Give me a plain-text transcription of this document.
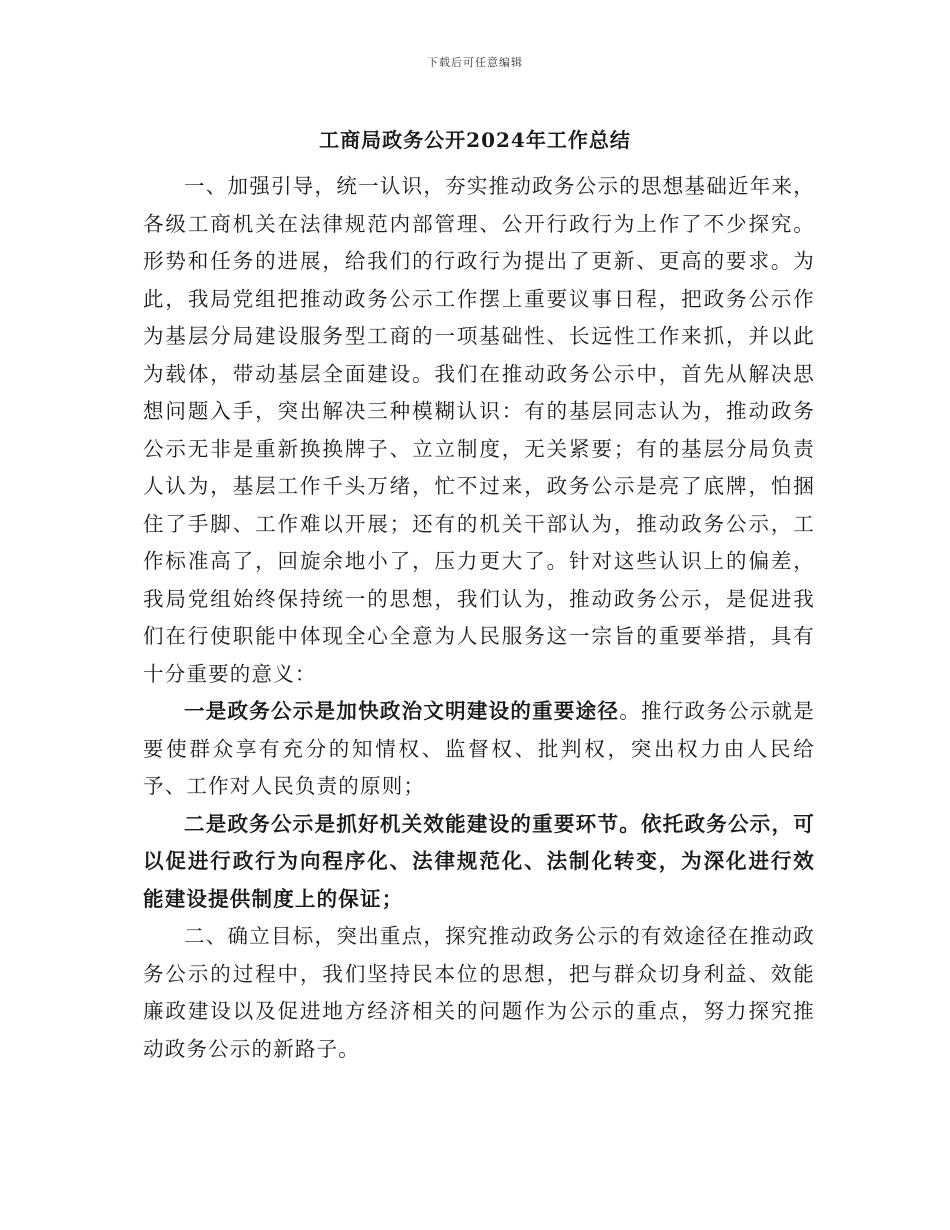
下载后可任意编辑
工商局政务公开2024年工作总结

一、加强引导，统一认识，夯实推动政务公示的思想基础近年来，各级工商机关在法律规范内部管理、公开行政行为上作了不少探究。形势和任务的进展，给我们的行政行为提出了更新、更高的要求。为此，我局党组把推动政务公示工作摆上重要议事日程，把政务公示作为基层分局建设服务型工商的一项基础性、长远性工作来抓，并以此为载体，带动基层全面建设。我们在推动政务公示中，首先从解决思想问题入手，突出解决三种模糊认识：有的基层同志认为，推动政务公示无非是重新换换牌子、立立制度，无关紧要；有的基层分局负责人认为，基层工作千头万绪，忙不过来，政务公示是亮了底牌，怕捆住了手脚、工作难以开展；还有的机关干部认为，推动政务公示，工作标准高了，回旋余地小了，压力更大了。针对这些认识上的偏差，我局党组始终保持统一的思想，我们认为，推动政务公示，是促进我们在行使职能中体现全心全意为人民服务这一宗旨的重要举措，具有十分重要的意义：

一是政务公示是加快政治文明建设的重要途径。推行政务公示就是要使群众享有充分的知情权、监督权、批判权，突出权力由人民给予、工作对人民负责的原则；

二是政务公示是抓好机关效能建设的重要环节。依托政务公示，可以促进行政行为向程序化、法律规范化、法制化转变，为深化进行效能建设提供制度上的保证；

二、确立目标，突出重点，探究推动政务公示的有效途径在推动政务公示的过程中，我们坚持民本位的思想，把与群众切身利益、效能廉政建设以及促进地方经济相关的问题作为公示的重点，努力探究推动政务公示的新路子。
